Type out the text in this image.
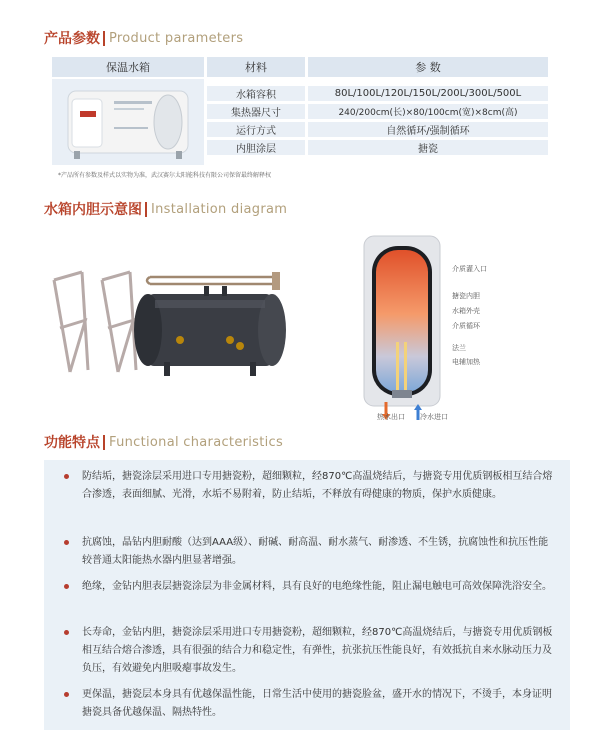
产品参数 Product parameters
保温水箱	材料	参 数
水箱容积	80L/100L/120L/150L/200L/300L/500L
集热器尺寸	240/200cm(长)×80/100cm(宽)×8cm(高)
运行方式	自然循环/强制循环
内胆涂层	搪瓷
*产品所有参数及样式以实物为准，武汉赛尔太阳能科技有限公司保留最终解释权
水箱内胆示意图 Installation diagram
介质灌入口
搪瓷内胆
水箱外壳
介质循环
法兰
电辅加热
热水出口 冷水进口
功能特点 Functional characteristics
防结垢，搪瓷涂层采用进口专用搪瓷粉，超细颗粒，经870℃高温烧结后，与搪瓷专用优质钢板相互结合熔合渗透，表面细腻、光滑，水垢不易附着，防止结垢，不释放有碍健康的物质，保护水质健康。
抗腐蚀，晶钻内胆耐酸（达到AAA级）、耐碱、耐高温、耐水蒸气、耐渗透、不生锈，抗腐蚀性和抗压性能较普通太阳能热水器内胆显著增强。
绝缘，金钻内胆表层搪瓷涂层为非金属材料，具有良好的电绝缘性能，阻止漏电触电可高效保障洗浴安全。
长寿命，金钻内胆，搪瓷涂层采用进口专用搪瓷粉，超细颗粒，经870℃高温烧结后，与搪瓷专用优质钢板相互结合熔合渗透，具有很强的结合力和稳定性，有弹性，抗张抗压性能良好，有效抵抗自来水脉动压力及负压，有效避免内胆吸瘪事故发生。
更保温，搪瓷层本身具有优越保温性能，日常生活中使用的搪瓷脸盆，盛开水的情况下，不烫手，本身证明搪瓷具备优越保温、隔热特性。
